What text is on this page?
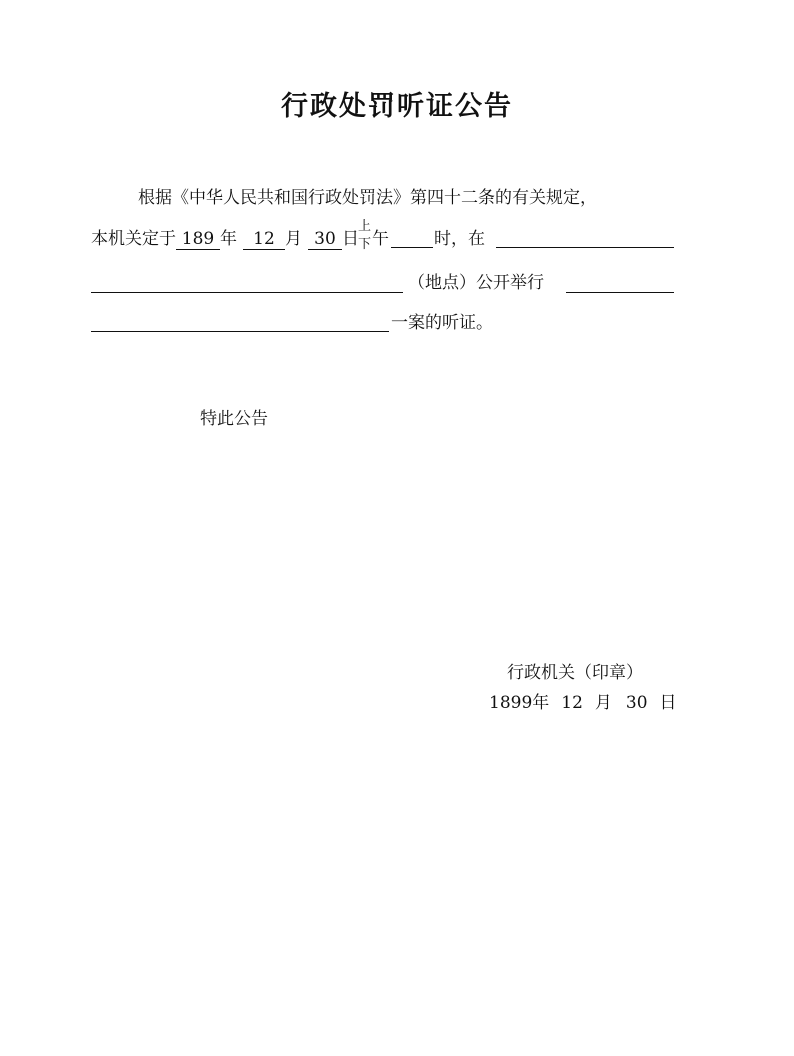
行政处罚听证公告
根据《中华人民共和国行政处罚法》第四十二条的有关规定，
本机关定于 189 年 12 月 30 日
上
下 午	时，在
（地点）公开举行
一案的听证。
特此公告
行政机关（印章）
1899年 12 月 30 日
